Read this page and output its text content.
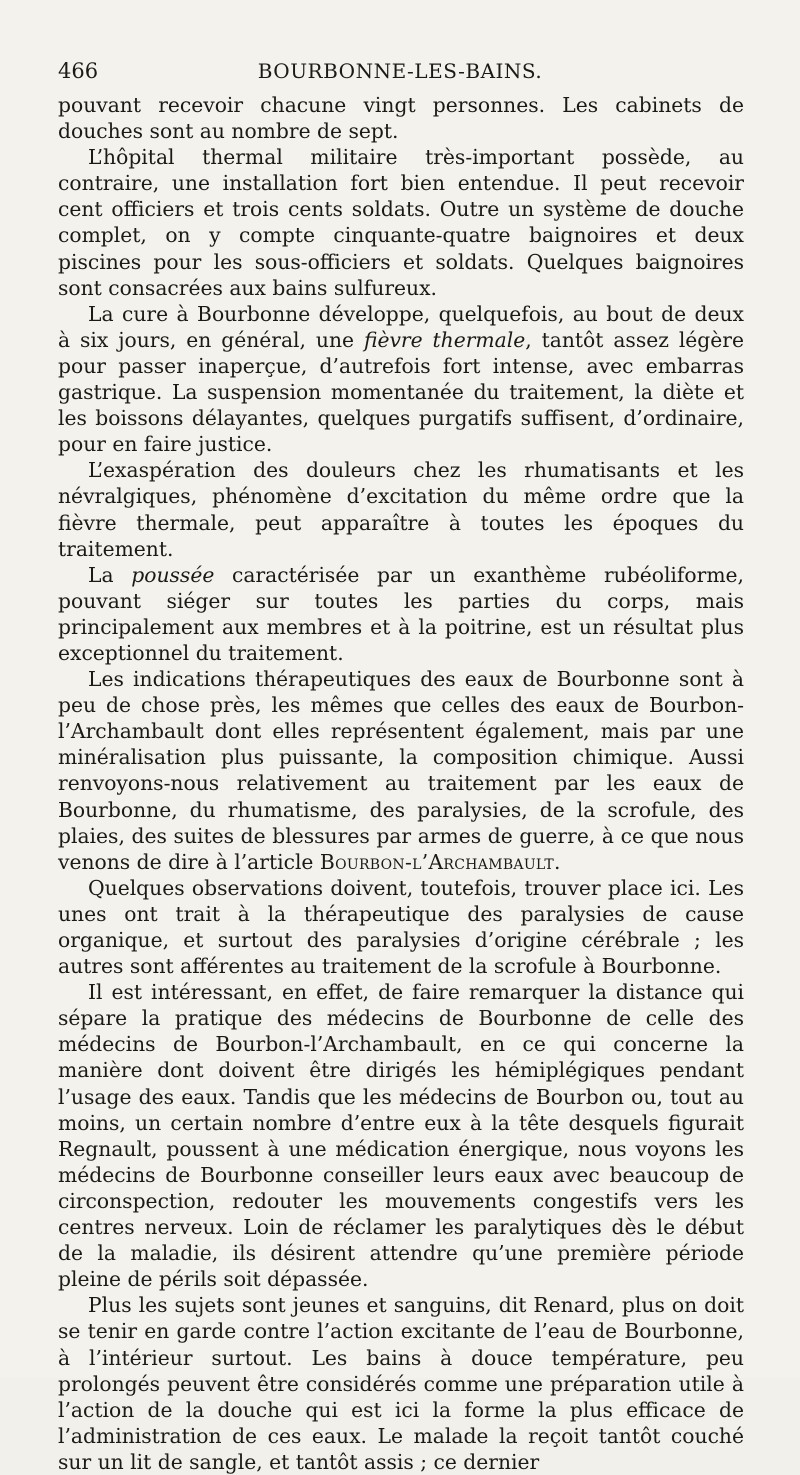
466	BOURBONNE-LES-BAINS.

pouvant recevoir chacune vingt personnes. Les cabinets de douches sont au nombre de sept.

L’hôpital thermal militaire très-important possède, au contraire, une installation fort bien entendue. Il peut recevoir cent officiers et trois cents soldats. Outre un système de douche complet, on y compte cinquante-quatre baignoires et deux piscines pour les sous-officiers et soldats. Quelques baignoires sont consacrées aux bains sulfureux.

La cure à Bourbonne développe, quelquefois, au bout de deux à six jours, en général, une fièvre thermale, tantôt assez légère pour passer inaperçue, d’autrefois fort intense, avec embarras gastrique. La suspension momentanée du traitement, la diète et les boissons délayantes, quelques purgatifs suffisent, d’ordinaire, pour en faire justice.

L’exaspération des douleurs chez les rhumatisants et les névralgiques, phénomène d’excitation du même ordre que la fièvre thermale, peut apparaître à toutes les époques du traitement.

La poussée caractérisée par un exanthème rubéoliforme, pouvant siéger sur toutes les parties du corps, mais principalement aux membres et à la poitrine, est un résultat plus exceptionnel du traitement.

Les indications thérapeutiques des eaux de Bourbonne sont à peu de chose près, les mêmes que celles des eaux de Bourbon-l’Archambault dont elles représentent également, mais par une minéralisation plus puissante, la composition chimique. Aussi renvoyons-nous relativement au traitement par les eaux de Bourbonne, du rhumatisme, des paralysies, de la scrofule, des plaies, des suites de blessures par armes de guerre, à ce que nous venons de dire à l’article Bourbon-l’Archambault.

Quelques observations doivent, toutefois, trouver place ici. Les unes ont trait à la thérapeutique des paralysies de cause organique, et surtout des paralysies d’origine cérébrale ; les autres sont afférentes au traitement de la scrofule à Bourbonne.

Il est intéressant, en effet, de faire remarquer la distance qui sépare la pratique des médecins de Bourbonne de celle des médecins de Bourbon-l’Archambault, en ce qui concerne la manière dont doivent être dirigés les hémiplégiques pendant l’usage des eaux. Tandis que les médecins de Bourbon ou, tout au moins, un certain nombre d’entre eux à la tête desquels figurait Regnault, poussent à une médication énergique, nous voyons les médecins de Bourbonne conseiller leurs eaux avec beaucoup de circonspection, redouter les mouvements congestifs vers les centres nerveux. Loin de réclamer les paralytiques dès le début de la maladie, ils désirent attendre qu’une première période pleine de périls soit dépassée.

Plus les sujets sont jeunes et sanguins, dit Renard, plus on doit se tenir en garde contre l’action excitante de l’eau de Bourbonne, à l’intérieur surtout. Les bains à douce température, peu prolongés peuvent être considérés comme une préparation utile à l’action de la douche qui est ici la forme la plus efficace de l’administration de ces eaux. Le malade la reçoit tantôt couché sur un lit de sangle, et tantôt assis ; ce dernier
